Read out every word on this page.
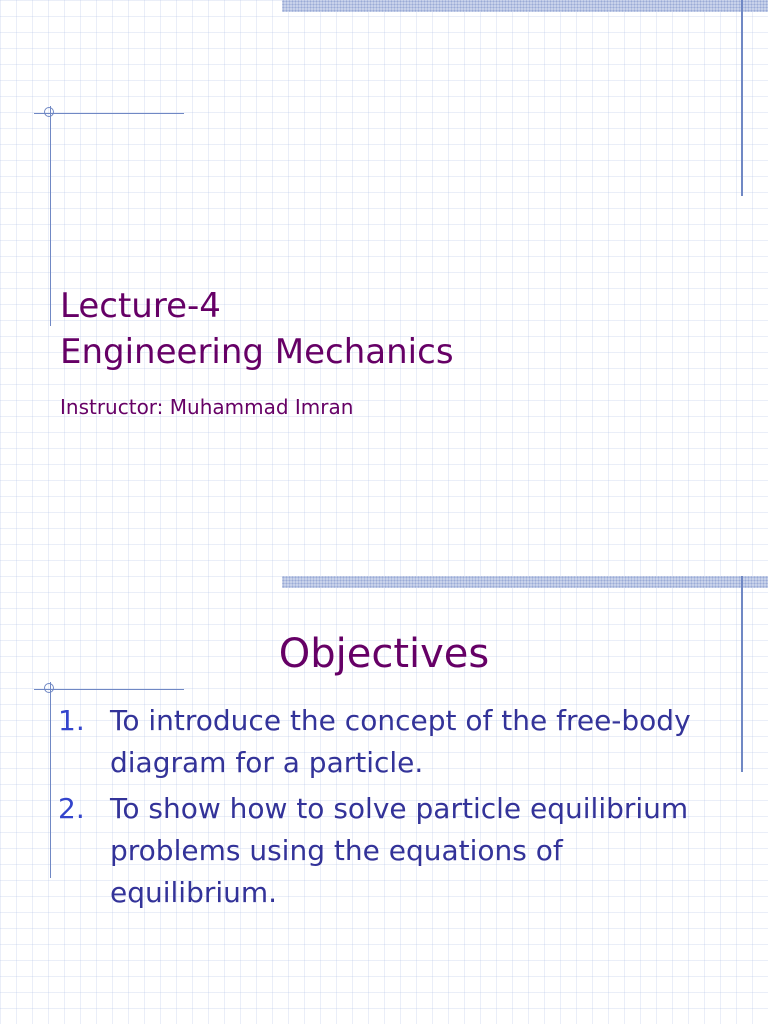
Lecture-4
Engineering Mechanics

Instructor: Muhammad Imran

Objectives
1. To introduce the concept of the free-body diagram for a particle.
2. To show how to solve particle equilibrium problems using the equations of equilibrium.
